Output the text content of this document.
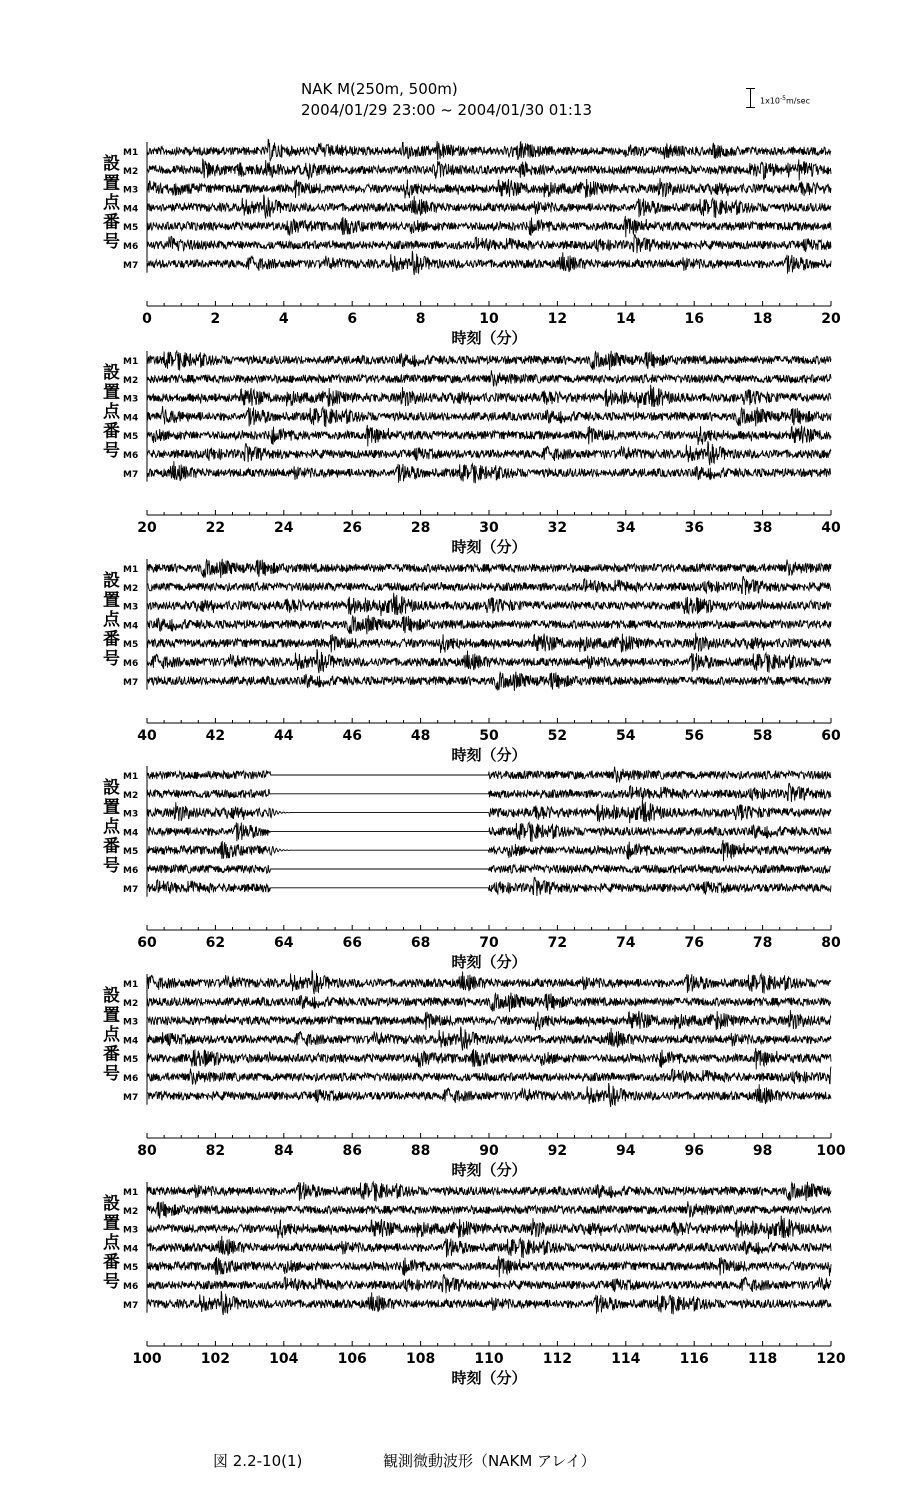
NAK M(250m, 500m)
2004/01/29 23:00 ~ 2004/01/30 01:13	$1x10^{-5}m/\sec$
設
置
点
番
号
M1
M2
M3
M4
M5
M6
M7
0	2	4	6	8	10	12	14	16	18	20
時刻（分）
設
置
点
番
号
M1
M2
M3
M4
M5
M6
M7
20	22	24	26	28	30	32	34	36	38	40
時刻（分）
設
置
点
番
号
M1
M2
M3
M4
M5
M6
M7
40	42	44	46	48	50	52	54	56	58	60
時刻（分）
設
置
点
番
号
M1
M2
M3
M4
M5
M6
M7
60	62	64	66	68	70	72	74	76	78	80
時刻（分）
設
置
点
番
号
M1
M2
M3
M4
M5
M6
M7
80	82	84	86	88	90	92	94	96	98	100
時刻（分）
設
置
点
番
号
M1
M2
M3
M4
M5
M6
M7
100	102	104	106	108	110	112	114	116	118	120
時刻（分）
図 2.2-10(1)	観測微動波形（NAKM アレイ）
